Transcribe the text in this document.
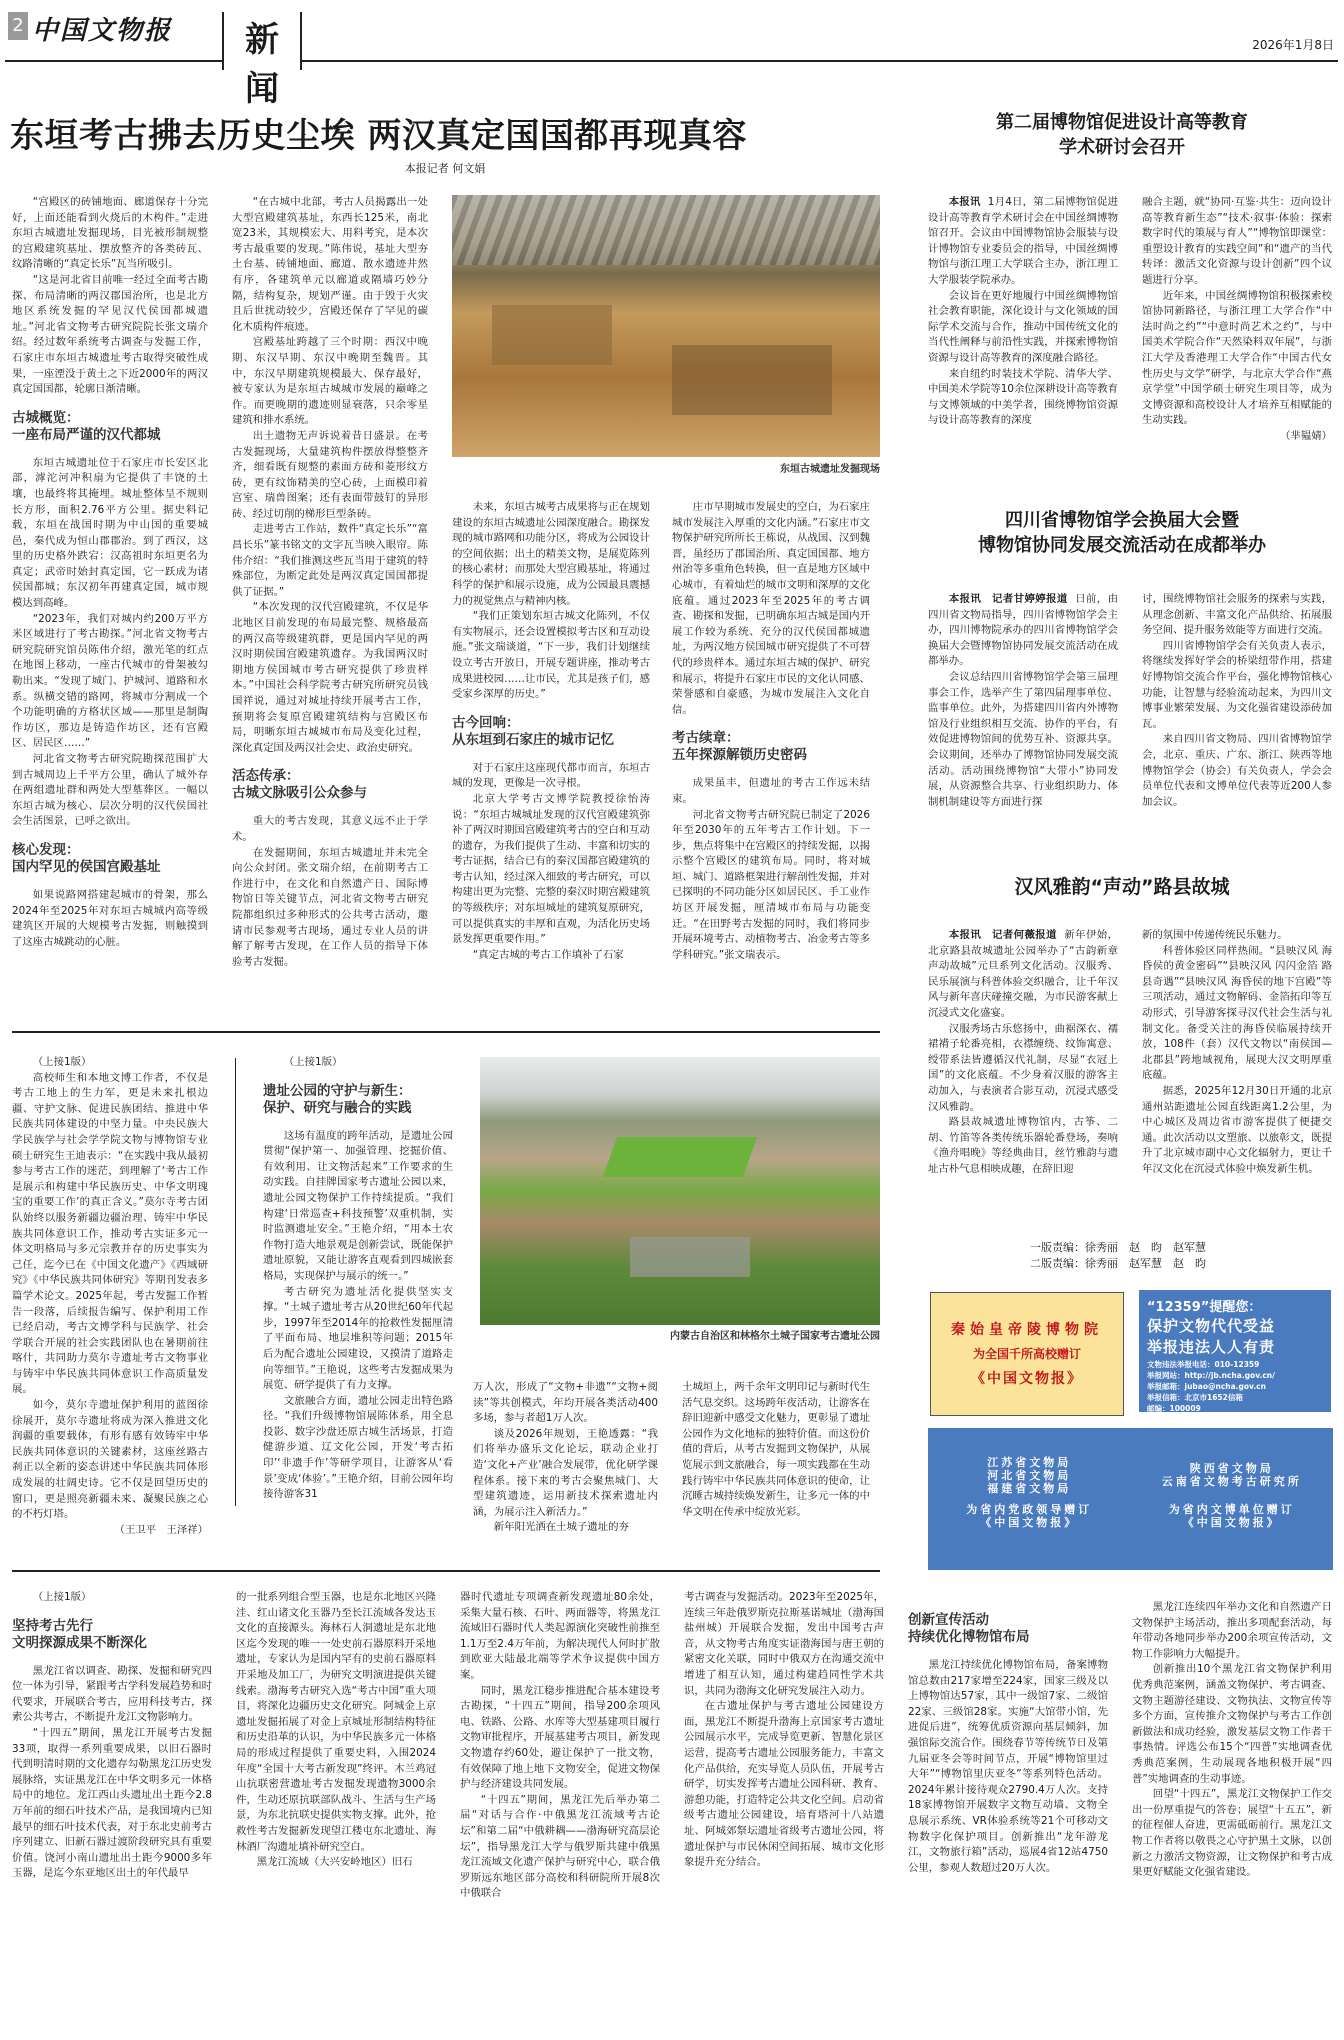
2 中国文物报	新 闻
2026年1月8日
东垣考古拂去历史尘埃 两汉真定国国都再现真容
本报记者 何文娟

“宫殿区的砖铺地面、廊道保存十分完好，上面还能看到火烧后的木构件。”走进东垣古城遗址发掘现场，目光被形制规整的宫殿建筑基址、摆放整齐的各类砖瓦、纹路清晰的“真定长乐”瓦当所吸引。

“这是河北省目前唯一经过全面考古勘探、布局清晰的两汉郡国治所，也是北方地区系统发掘的罕见汉代侯国都城遗址。”河北省文物考古研究院院长张文瑞介绍。经过数年系统考古调查与发掘工作，石家庄市东垣古城遗址考古取得突破性成果，一座湮没于黄土之下近2000年的两汉真定国国都，轮廓日渐清晰。

古城概览：
一座布局严谨的汉代都城

东垣古城遗址位于石家庄市长安区北部，滹沱河冲积扇为它提供了丰饶的土壤，也最终将其掩埋。城址整体呈不规则长方形，面积2.76平方公里。据史料记载，东垣在战国时期为中山国的重要城邑，秦代成为恒山郡郡治。到了西汉，这里的历史格外跌宕：汉高祖时东垣更名为真定；武帝时始封真定国，它一跃成为诸侯国都城；东汉初年再建真定国，城市规模达到高峰。

“2023年，我们对城内约200万平方米区域进行了考古勘探。”河北省文物考古研究院研究馆员陈伟介绍，激光笔的红点在地图上移动，一座古代城市的骨架被勾勒出来。“发现了城门、护城河、道路和水系。纵横交错的路网，将城市分割成一个个功能明确的方格状区域——那里是制陶作坊区，那边是铸造作坊区，还有宫殿区、居民区……”

河北省文物考古研究院勘探范围扩大到古城周边上千平方公里，确认了城外存在两组遗址群和两处大型墓葬区。一幅以东垣古城为核心、层次分明的汉代侯国社会生活图景，已呼之欲出。

核心发现：
国内罕见的侯国宫殿基址

如果说路网搭建起城市的骨架，那么2024年至2025年对东垣古城城内高等级建筑区开展的大规模考古发掘，则触摸到了这座古城跳动的心脏。

“在古城中北部，考古人员揭露出一处大型宫殿建筑基址，东西长125米，南北宽23米，其规模宏大、用料考究，是本次考古最重要的发现。”陈伟说，基址大型夯土台基、砖铺地面、廊道、散水遗迹井然有序，各建筑单元以廊道或隔墙巧妙分隔，结构复杂，规划严谨。由于毁于火灾且后世扰动较少，宫殿还保存了罕见的碳化木质构件痕迹。

宫殿基址跨越了三个时期：西汉中晚期、东汉早期、东汉中晚期至魏晋。其中，东汉早期建筑规模最大、保存最好，被专家认为是东垣古城城市发展的巅峰之作。而更晚期的遗迹则显衰落，只余零星建筑和排水系统。

出土遗物无声诉说着昔日盛景。在考古发掘现场，大量建筑构件摆放得整整齐齐，细看既有规整的素面方砖和菱形纹方砖，更有纹饰精美的空心砖，上面模印着宫室、瑞兽图案；还有表面带鼓钉的异形砖、经过切削的梯形巨型条砖。

走进考古工作站，数件“真定长乐”“富昌长乐”篆书铭文的文字瓦当映入眼帘。陈伟介绍：“我们推测这些瓦当用于建筑的特殊部位，为断定此处是两汉真定国国都提供了证据。”

“本次发现的汉代宫殿建筑，不仅是华北地区目前发现的布局最完整、规格最高的两汉高等级建筑群，更是国内罕见的两汉时期侯国宫殿建筑遗存。为我国两汉时期地方侯国城市考古研究提供了珍贵样本。”中国社会科学院考古研究所研究员钱国祥说，通过对城址持续开展考古工作，预期将会复原宫殿建筑结构与宫殿区布局，明晰东垣古城城市布局及变化过程，深化真定国及两汉社会史、政治史研究。

活态传承：
古城文脉吸引公众参与

重大的考古发现，其意义远不止于学术。

在发掘期间，东垣古城遗址并未完全向公众封闭。张文瑞介绍，在前期考古工作进行中，在文化和自然遗产日、国际博物馆日等关键节点，河北省文物考古研究院都组织过多种形式的公共考古活动，邀请市民参观考古现场，通过专业人员的讲解了解考古发现，在工作人员的指导下体验考古发掘。

东垣古城遗址发掘现场

未来，东垣古城考古成果将与正在规划建设的东垣古城遗址公园深度融合。勘探发现的城市路网和功能分区，将成为公园设计的空间依据；出土的精美文物，是展览陈列的核心素材；而那处大型宫殿基址，将通过科学的保护和展示设施，成为公园最具震撼力的视觉焦点与精神内核。

“我们正策划东垣古城文化陈列，不仅有实物展示，还会设置模拟考古区和互动设施。”张文瑞谈道，“下一步，我们计划继续设立考古开放日，开展专题讲座，推动考古成果进校园……让市民，尤其是孩子们，感受家乡深厚的历史。”

古今回响：
从东垣到石家庄的城市记忆

对于石家庄这座现代都市而言，东垣古城的发现，更像是一次寻根。

北京大学考古文博学院教授徐怡涛说：“东垣古城城址发现的汉代宫殿建筑弥补了两汉时期国宫殿建筑考古的空白和互动的遗存，为我们提供了生动、丰富和切实的考古证据，结合已有的秦汉国都宫殿建筑的考古认知，经过深入细致的考古研究，可以构建出更为完整、完整的秦汉时期宫殿建筑的等级秩序；对东垣城址的建筑复原研究，可以提供真实的丰厚和直观，为活化历史场景发挥更重要作用。”

“真定古城的考古工作填补了石家

庄市早期城市发展史的空白，为石家庄城市发展注入厚重的文化内涵。”石家庄市文物保护研究所所长王栋说，从战国、汉到魏晋，虽经历了郡国治所、真定国国都、地方州治等多重角色转换，但一直是地方区域中心城市，有着灿烂的城市文明和深厚的文化底蕴。通过2023年至2025年的考古调查、勘探和发掘，已明确东垣古城是国内开展工作较为系统、充分的汉代侯国都城遗址，为两汉地方侯国城市研究提供了不可替代的珍贵样本。通过东垣古城的保护、研究和展示，将提升石家庄市民的文化认同感、荣誉感和自豪感，为城市发展注入文化自信。

考古续章：
五年探源解锁历史密码

成果虽丰，但遗址的考古工作远未结束。

河北省文物考古研究院已制定了2026年至2030年的五年考古工作计划。下一步，焦点将集中在宫殿区的持续发掘，以揭示整个宫殿区的建筑布局。同时，将对城垣、城门、道路框架进行解剖性发掘，并对已探明的不同功能分区如居民区、手工业作坊区开展发掘，厘清城市布局与功能变迁。“在田野考古发掘的同时，我们将同步开展环境考古、动植物考古、冶金考古等多学科研究。”张文瑞表示。

第二届博物馆促进设计高等教育
学术研讨会召开

本报讯 1月4日，第二届博物馆促进设计高等教育学术研讨会在中国丝绸博物馆召开。会议由中国博物馆协会服装与设计博物馆专业委员会的指导，中国丝绸博物馆与浙江理工大学联合主办，浙江理工大学服装学院承办。

会议旨在更好地履行中国丝绸博物馆社会教育职能，深化设计与文化领域的国际学术交流与合作，推动中国传统文化的当代性阐释与前沿性实践，并探索博物馆资源与设计高等教育的深度融合路径。

来自纽约时装技术学院、清华大学、中国美术学院等10余位深耕设计高等教育与文博领域的中美学者，围绕博物馆资源与设计高等教育的深度

融合主题，就“协同·互鉴·共生：迈向设计高等教育新生态”“技术·叙事·体验：探索数字时代的策展与育人”“博物馆即课堂：重塑设计教育的实践空间”和“遗产的当代转译：激活文化资源与设计创新”四个议题进行分享。

近年来，中国丝绸博物馆积极探索校馆协同新路径，与浙江理工大学合作“中法时尚之约”“中意时尚艺术之约”，与中国美术学院合作“天然染料双年展”，与浙江大学及香港理工大学合作“中国古代女性历史与文学”研学，与北京大学合作“燕京学堂”中国学硕士研究生项目等，成为文博资源和高校设计人才培养互相赋能的生动实践。

（芈韫婧）

四川省博物馆学会换届大会暨
博物馆协同发展交流活动在成都举办

本报讯　记者甘婷婷报道 日前，由四川省文物局指导，四川省博物馆学会主办，四川博物院承办的四川省博物馆学会换届大会暨博物馆协同发展交流活动在成都举办。

会议总结四川省博物馆学会第三届理事会工作，选举产生了第四届理事单位、监事单位。此外，为搭建四川省内外博物馆及行业组织相互交流、协作的平台，有效促进博物馆间的优势互补、资源共享。会议期间，还举办了博物馆协同发展交流活动。活动围绕博物馆“大带小”协同发展，从资源整合共享、行业组织助力、体制机制建设等方面进行探

讨，围绕博物馆社会服务的探索与实践，从理念创新、丰富文化产品供给、拓展服务空间、提升服务效能等方面进行交流。

四川省博物馆学会有关负责人表示，将继续发挥好学会的桥梁纽带作用，搭建好博物馆交流合作平台，强化博物馆核心功能，让智慧与经验流动起来，为四川文博事业繁荣发展、为文化强省建设添砖加瓦。

来自四川省文物局、四川省博物馆学会，北京、重庆、广东、浙江、陕西等地博物馆学会（协会）有关负责人，学会会员单位代表和文博单位代表等近200人参加会议。

汉风雅韵“声动”路县故城

本报讯　记者何薇报道 新年伊始，北京路县故城遗址公园举办了“古韵新章 声动故城”元旦系列文化活动。汉服秀、民乐展演与科普体验交织融合，让千年汉风与新年喜庆碰撞交融，为市民游客献上沉浸式文化盛宴。

汉服秀场古乐悠扬中，曲裾深衣、襦裙褙子轮番亮相，衣襟缠绕、纹饰寓意、绶带系法皆遵循汉代礼制，尽显“衣冠上国”的文化底蕴。不少身着汉服的游客主动加入，与表演者合影互动，沉浸式感受汉风雅韵。

路县故城遗址博物馆内，古筝、二胡、竹笛等各类传统乐器轮番登场，奏响《渔舟唱晚》等经典曲目，丝竹雅韵与遗址古朴气息相映成趣，在辞旧迎

新的氛围中传递传统民乐魅力。

科普体验区同样热闹。“县映汉风 海昏侯的黄金密码”“县映汉风 闪闪金箔 路县奇遇”“县映汉风 海昏侯的地下宫殿”等三项活动，通过文物解码、金箔拓印等互动形式，引导游客探寻汉代社会生活与礼制文化。备受关注的海昏侯临展持续开放，108件（套）汉代文物以“南侯国—北郡县”跨地域视角，展现大汉文明厚重底蕴。

据悉，2025年12月30日开通的北京通州站距遗址公园直线距离1.2公里，为中心城区及周边省市游客提供了便捷交通。此次活动以文塑旅、以旅彰文，既提升了北京城市副中心文化辐射力，更让千年汉文化在沉浸式体验中焕发新生机。

一版责编：徐秀丽　赵　昀　赵军慧
二版责编：徐秀丽　赵军慧　赵　昀
秦始皇帝陵博物院
为全国千所高校赠订
《中国文物报》
“12359”提醒您：
保护文物代代受益
举报违法人人有责
文物违法举报电话：010-12359
举报网站：http://jb.ncha.gov.cn/
举报邮箱：jubao@ncha.gov.cn
举报信箱：北京市1652信箱
邮编：100009
江苏省文物局
河北省文物局
福建省文物局
为省内党政领导赠订
《中国文物报》
陕西省文物局
云南省文物考古研究所
为省内文博单位赠订
《中国文物报》

（上接1版）

高校师生和本地文博工作者，不仅是考古工地上的生力军，更是未来扎根边疆、守护文脉、促进民族团结、推进中华民族共同体建设的中坚力量。中央民族大学民族学与社会学学院文物与博物馆专业硕士研究生王迪表示：“在实践中我从最初参与考古工作的迷茫，到理解了‘考古工作是展示和构建中华民族历史、中华文明瑰宝的重要工作’的真正含义。”莫尔寺考古团队始终以服务新疆边疆治理、铸牢中华民族共同体意识工作，推动考古实证多元一体文明格局与多元宗教并存的历史事实为己任，迄今已在《中国文化遗产》《西域研究》《中华民族共同体研究》等期刊发表多篇学术论文。2025年起，考古发掘工作暂告一段落，后续报告编写、保护利用工作已经启动，考古文博学科与民族学、社会学联合开展的社会实践团队也在暑期前往喀什，共同助力莫尔寺遗址考古文物事业与铸牢中华民族共同体意识工作高质量发展。

如今，莫尔寺遗址保护利用的蓝图徐徐展开，莫尔寺遗址将成为深入推进文化润疆的重要载体，有形有感有效铸牢中华民族共同体意识的关键素材，这座丝路古刹正以全新的姿态讲述中华民族共同体形成发展的壮阔史诗。它不仅是回望历史的窗口，更是照亮新疆未来、凝聚民族之心的不朽灯塔。

（王卫平　王泽祥）

（上接1版）

遗址公园的守护与新生：
保护、研究与融合的实践

这场有温度的跨年活动，是遗址公园贯彻“保护第一、加强管理、挖掘价值、有效利用、让文物活起来”工作要求的生动实践。自挂牌国家考古遗址公园以来，遗址公园文物保护工作持续提质。“我们构建‘日常巡查+科技预警’双重机制，实时监测遗址安全。”王艳介绍，“用本土农作物打造大地景观是创新尝试，既能保护遗址原貌，又能让游客直观看到四城嵌套格局，实现保护与展示的统一。”

考古研究为遗址活化提供坚实支撑。“土城子遗址考古从20世纪60年代起步，1997年至2014年的抢救性发掘厘清了平面布局、地层堆积等问题；2015年后为配合遗址公园建设，又摸清了道路走向等细节。”王艳说，这些考古发掘成果为展览、研学提供了有力支撑。

文旅融合方面，遗址公园走出特色路径。“我们升级博物馆展陈体系，用全息投影、数字沙盘还原古城生活场景，打造健游步道、辽文化公园，开发‘考古拓印’‘非遗手作’等研学项目，让游客从‘看景’变成‘体验’。”王艳介绍，目前公园年均接待游客31

内蒙古自治区和林格尔土城子国家考古遗址公园

万人次，形成了“文物+非遗”“文物+阅读”等共创模式，年均开展各类活动400多场，参与者超1万人次。

谈及2026年规划，王艳透露：“我们将举办盛乐文化论坛，联动企业打造‘文化+产业’融合发展带，优化研学课程体系。接下来的考古会聚焦城门、大型建筑遗迹，运用新技术探索遗址内涵，为展示注入新活力。”

新年阳光洒在土城子遗址的夯

土城垣上，两千余年文明印记与新时代生活气息交织。这场跨年夜活动，让游客在辞旧迎新中感受文化魅力，更彰显了遗址公园作为文化地标的独特价值。而这份价值的背后，从考古发掘到文物保护，从展览展示到文旅融合，每一项实践都在生动践行铸牢中华民族共同体意识的使命，让沉睡古城持续焕发新生，让多元一体的中华文明在传承中绽放光彩。

（上接1版）

坚持考古先行
文明探源成果不断深化

黑龙江省以调查、勘探、发掘和研究四位一体为引导，紧跟考古学科发展趋势和时代要求，开展联合考古，应用科技考古，探索公共考古，不断提升龙江文物影响力。

“十四五”期间，黑龙江开展考古发掘33项，取得一系列重要成果，以旧石器时代到明清时期的文化遗存勾勒黑龙江历史发展脉络，实证黑龙江在中华文明多元一体格局中的地位。龙江西山头遗址出土距今2.8万年前的细石叶技术产品，是我国境内已知最早的细石叶技术代表，对于东北史前考古序列建立、旧新石器过渡阶段研究具有重要价值。饶河小南山遗址出土距今9000多年玉器，是迄今东亚地区出土的年代最早

的一批系列组合型玉器，也是东北地区兴隆洼、红山诸文化玉器乃至长江流域各发达玉文化的直接源头。海林石人洞遗址是东北地区迄今发现的唯一一处史前石器原料开采地遗址，专家认为是国内罕有的史前石器原料开采地及加工厂，为研究文明演进提供关键线索。渤海考古研究入选“考古中国”重大项目，将深化边疆历史文化研究。阿城金上京遗址发掘拓展了对金上京城址形制结构特征和历史沿革的认识，为中华民族多元一体格局的形成过程提供了重要史料，入围2024年度“全国十大考古新发现”终评。木兰鸡冠山抗联密营遗址考古发掘发现遗物3000余件，生动还原抗联部队战斗、生活与生产场景，为东北抗联史提供实物支撑。此外，抢救性考古发掘新发现望江楼屯东北遗址、海林酒厂沟遗址填补研究空白。

黑龙江流域（大兴安岭地区）旧石

器时代遗址专项调查新发现遗址80余处，采集大量石核、石叶、两面器等，将黑龙江流域旧石器时代人类起源演化突破性前推至1.1万至2.4万年前，为解决现代人何时扩散到欧亚大陆最北端等学术争议提供中国方案。

同时，黑龙江稳步推进配合基本建设考古勘探，“十四五”期间，指导200余项风电、铁路、公路、水库等大型基建项目履行文物审批程序，开展基建考古项目，新发现文物遗存约60处，避让保护了一批文物，有效保障了地上地下文物安全，促进文物保护与经济建设共同发展。

“十四五”期间，黑龙江先后举办第二届“对话与合作·中俄黑龙江流域考古论坛”和第二届“中俄耕耦——渤海研究高层论坛”，指导黑龙江大学与俄罗斯共建中俄黑龙江流域文化遗产保护与研究中心，联合俄罗斯远东地区部分高校和科研院所开展8次中俄联合

考古调查与发掘活动。2023年至2025年，连续三年赴俄罗斯克拉斯基诺城址（渤海国盐州城）开展联合发掘，发出中国考古声音，从文物考古角度实证渤海国与唐王朝的紧密文化关联，同时中俄双方在沟通交流中增进了相互认知，通过构建趋同性学术共识，共同为渤海文化研究发展注入动力。

在古遗址保护与考古遗址公园建设方面，黑龙江不断提升渤海上京国家考古遗址公园展示水平，完成导览更新、智慧化景区运营，提高考古遗址公园服务能力，丰富文化产品供给，充实导览人员队伍，开展考古研学，切实发挥考古遗址公园科研、教育、游憩功能，打造特定公共文化空间。启动省级考古遗址公园建设，培育塔河十八站遗址、阿城郊祭坛遗址省级考古遗址公园，将遗址保护与市民休闲空间拓展、城市文化形象提升充分结合。

创新宣传活动
持续优化博物馆布局

黑龙江持续优化博物馆布局，备案博物馆总数由217家增至224家，国家三级及以上博物馆达57家，其中一级馆7家、二级馆22家、三级馆28家。实施“大馆带小馆，先进促后进”，统筹优质资源向基层倾斜，加强馆际交流合作。围绕春节等传统节日及第九届亚冬会等时间节点，开展“博物馆里过大年”“博物馆里庆亚冬”等系列特色活动。2024年累计接待观众2790.4万人次。支持18家博物馆开展数字文物互动墙、文物全息展示系统、VR体验系统等21个可移动文物数字化保护项目。创新推出“龙年游龙江，文物旅行箱”活动，巡展4省12站4750公里，参观人数超过20万人次。

黑龙江连续四年举办文化和自然遗产日文物保护主场活动，推出多项配套活动，每年带动各地同步举办200余项宣传活动，文物工作影响力大幅提升。

创新推出10个黑龙江省文物保护利用优秀典范案例，涵盖文物保护、考古调查、文物主题游径建设、文物执法、文物宣传等多个方面，宣传推介文物保护与考古工作创新做法和成功经验，激发基层文物工作者干事热情。评选公布15个“四普”实地调查优秀典范案例，生动展现各地积极开展“四普”实地调查的生动事迹。

回望“十四五”，黑龙江文物保护工作交出一份厚重提气的答卷；展望“十五五”，新的征程催人奋进，更需砥砺前行。黑龙江文物工作者将以敬畏之心守护黑土文脉，以创新之力激活文物资源，让文物保护和考古成果更好赋能文化强省建设。
